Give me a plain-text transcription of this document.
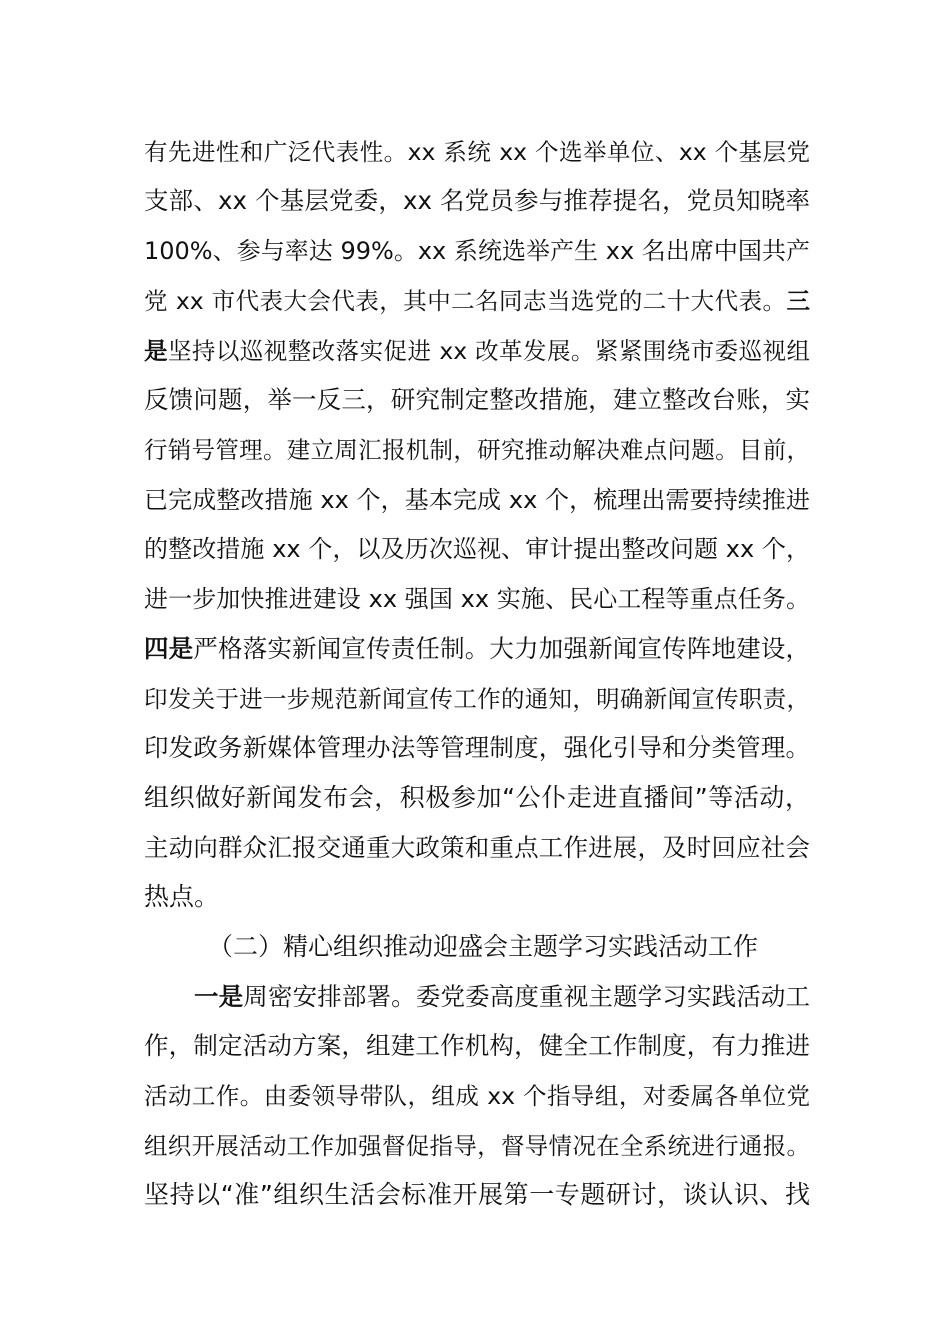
有先进性和广泛代表性。xx 系统 xx 个选举单位、xx 个基层党
支部、xx 个基层党委，xx 名党员参与推荐提名，党员知晓率
100%、参与率达 99%。xx 系统选举产生 xx 名出席中国共产
党 xx 市代表大会代表，其中二名同志当选党的二十大代表。三
是坚持以巡视整改落实促进 xx 改革发展。紧紧围绕市委巡视组
反馈问题，举一反三，研究制定整改措施，建立整改台账，实
行销号管理。建立周汇报机制，研究推动解决难点问题。目前，
已完成整改措施 xx 个，基本完成 xx 个，梳理出需要持续推进
的整改措施 xx 个，以及历次巡视、审计提出整改问题 xx 个，
进一步加快推进建设 xx 强国 xx 实施、民心工程等重点任务。
四是严格落实新闻宣传责任制。大力加强新闻宣传阵地建设，
印发关于进一步规范新闻宣传工作的通知，明确新闻宣传职责，
印发政务新媒体管理办法等管理制度，强化引导和分类管理。
组织做好新闻发布会，积极参加“公仆走进直播间”等活动，
主动向群众汇报交通重大政策和重点工作进展，及时回应社会
热点。
（二）精心组织推动迎盛会主题学习实践活动工作
一是周密安排部署。委党委高度重视主题学习实践活动工
作，制定活动方案，组建工作机构，健全工作制度，有力推进
活动工作。由委领导带队，组成 xx 个指导组，对委属各单位党
组织开展活动工作加强督促指导，督导情况在全系统进行通报。
坚持以“准”组织生活会标准开展第一专题研讨，谈认识、找
